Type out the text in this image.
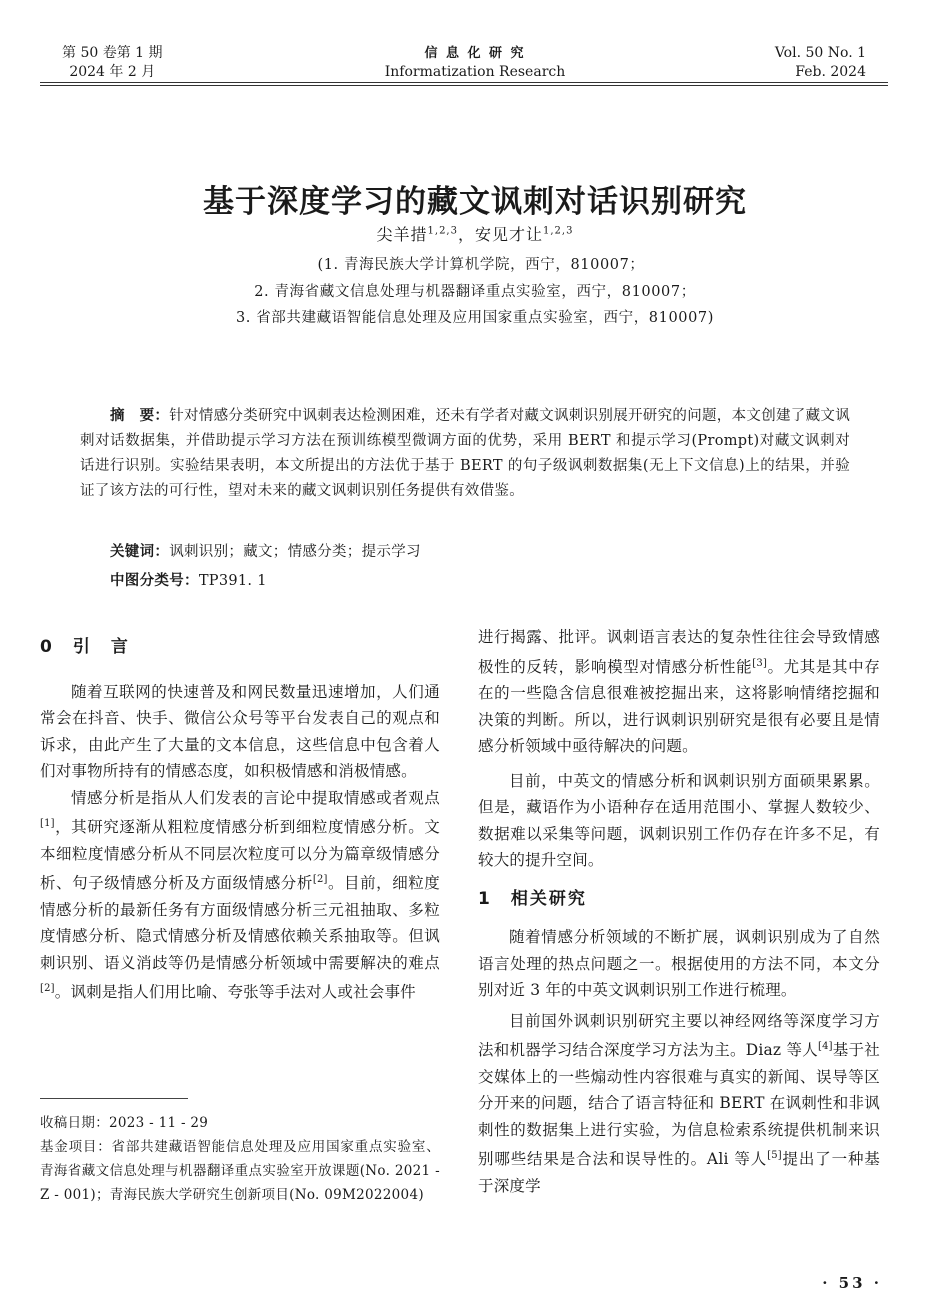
第 50 卷第 1 期
2024 年 2 月
信 息 化 研 究
Informatization Research
Vol. 50 No. 1
Feb. 2024
基于深度学习的藏文讽刺对话识别研究
尖羊措$^{1,2,3}$，安见才让$^{1,2,3}$
(1. 青海民族大学计算机学院，西宁，810007；
2. 青海省藏文信息处理与机器翻译重点实验室，西宁，810007；
3. 省部共建藏语智能信息处理及应用国家重点实验室，西宁，810007)
摘　要：针对情感分类研究中讽刺表达检测困难，还未有学者对藏文讽刺识别展开研究的问题，本文创建了藏文讽刺对话数据集，并借助提示学习方法在预训练模型微调方面的优势，采用 BERT 和提示学习(Prompt)对藏文讽刺对话进行识别。实验结果表明，本文所提出的方法优于基于 BERT 的句子级讽刺数据集(无上下文信息)上的结果，并验证了该方法的可行性，望对未来的藏文讽刺识别任务提供有效借鉴。
关键词：讽刺识别；藏文；情感分类；提示学习
中图分类号：TP391. 1
0　引　言

随着互联网的快速普及和网民数量迅速增加，人们通常会在抖音、快手、微信公众号等平台发表自己的观点和诉求，由此产生了大量的文本信息，这些信息中包含着人们对事物所持有的情感态度，如积极情感和消极情感。

情感分析是指从人们发表的言论中提取情感或者观点[1]，其研究逐渐从粗粒度情感分析到细粒度情感分析。文本细粒度情感分析从不同层次粒度可以分为篇章级情感分析、句子级情感分析及方面级情感分析[2]。目前，细粒度情感分析的最新任务有方面级情感分析三元祖抽取、多粒度情感分析、隐式情感分析及情感依赖关系抽取等。但讽刺识别、语义消歧等仍是情感分析领域中需要解决的难点[2]。讽刺是指人们用比喻、夸张等手法对人或社会事件

收稿日期：2023 - 11 - 29
基金项目：省部共建藏语智能信息处理及应用国家重点实验室、青海省藏文信息处理与机器翻译重点实验室开放课题(No. 2021 - Z - 001)；青海民族大学研究生创新项目(No. 09M2022004)

进行揭露、批评。讽刺语言表达的复杂性往往会导致情感极性的反转，影响模型对情感分析性能[3]。尤其是其中存在的一些隐含信息很难被挖掘出来，这将影响情绪挖掘和决策的判断。所以，进行讽刺识别研究是很有必要且是情感分析领域中亟待解决的问题。

目前，中英文的情感分析和讽刺识别方面硕果累累。但是，藏语作为小语种存在适用范围小、掌握人数较少、数据难以采集等问题，讽刺识别工作仍存在许多不足，有较大的提升空间。

1　相关研究

随着情感分析领域的不断扩展，讽刺识别成为了自然语言处理的热点问题之一。根据使用的方法不同，本文分别对近 3 年的中英文讽刺识别工作进行梳理。

目前国外讽刺识别研究主要以神经网络等深度学习方法和机器学习结合深度学习方法为主。Diaz 等人[4]基于社交媒体上的一些煽动性内容很难与真实的新闻、误导等区分开来的问题，结合了语言特征和 BERT 在讽刺性和非讽刺性的数据集上进行实验，为信息检索系统提供机制来识别哪些结果是合法和误导性的。Ali 等人[5]提出了一种基于深度学

· 53 ·
